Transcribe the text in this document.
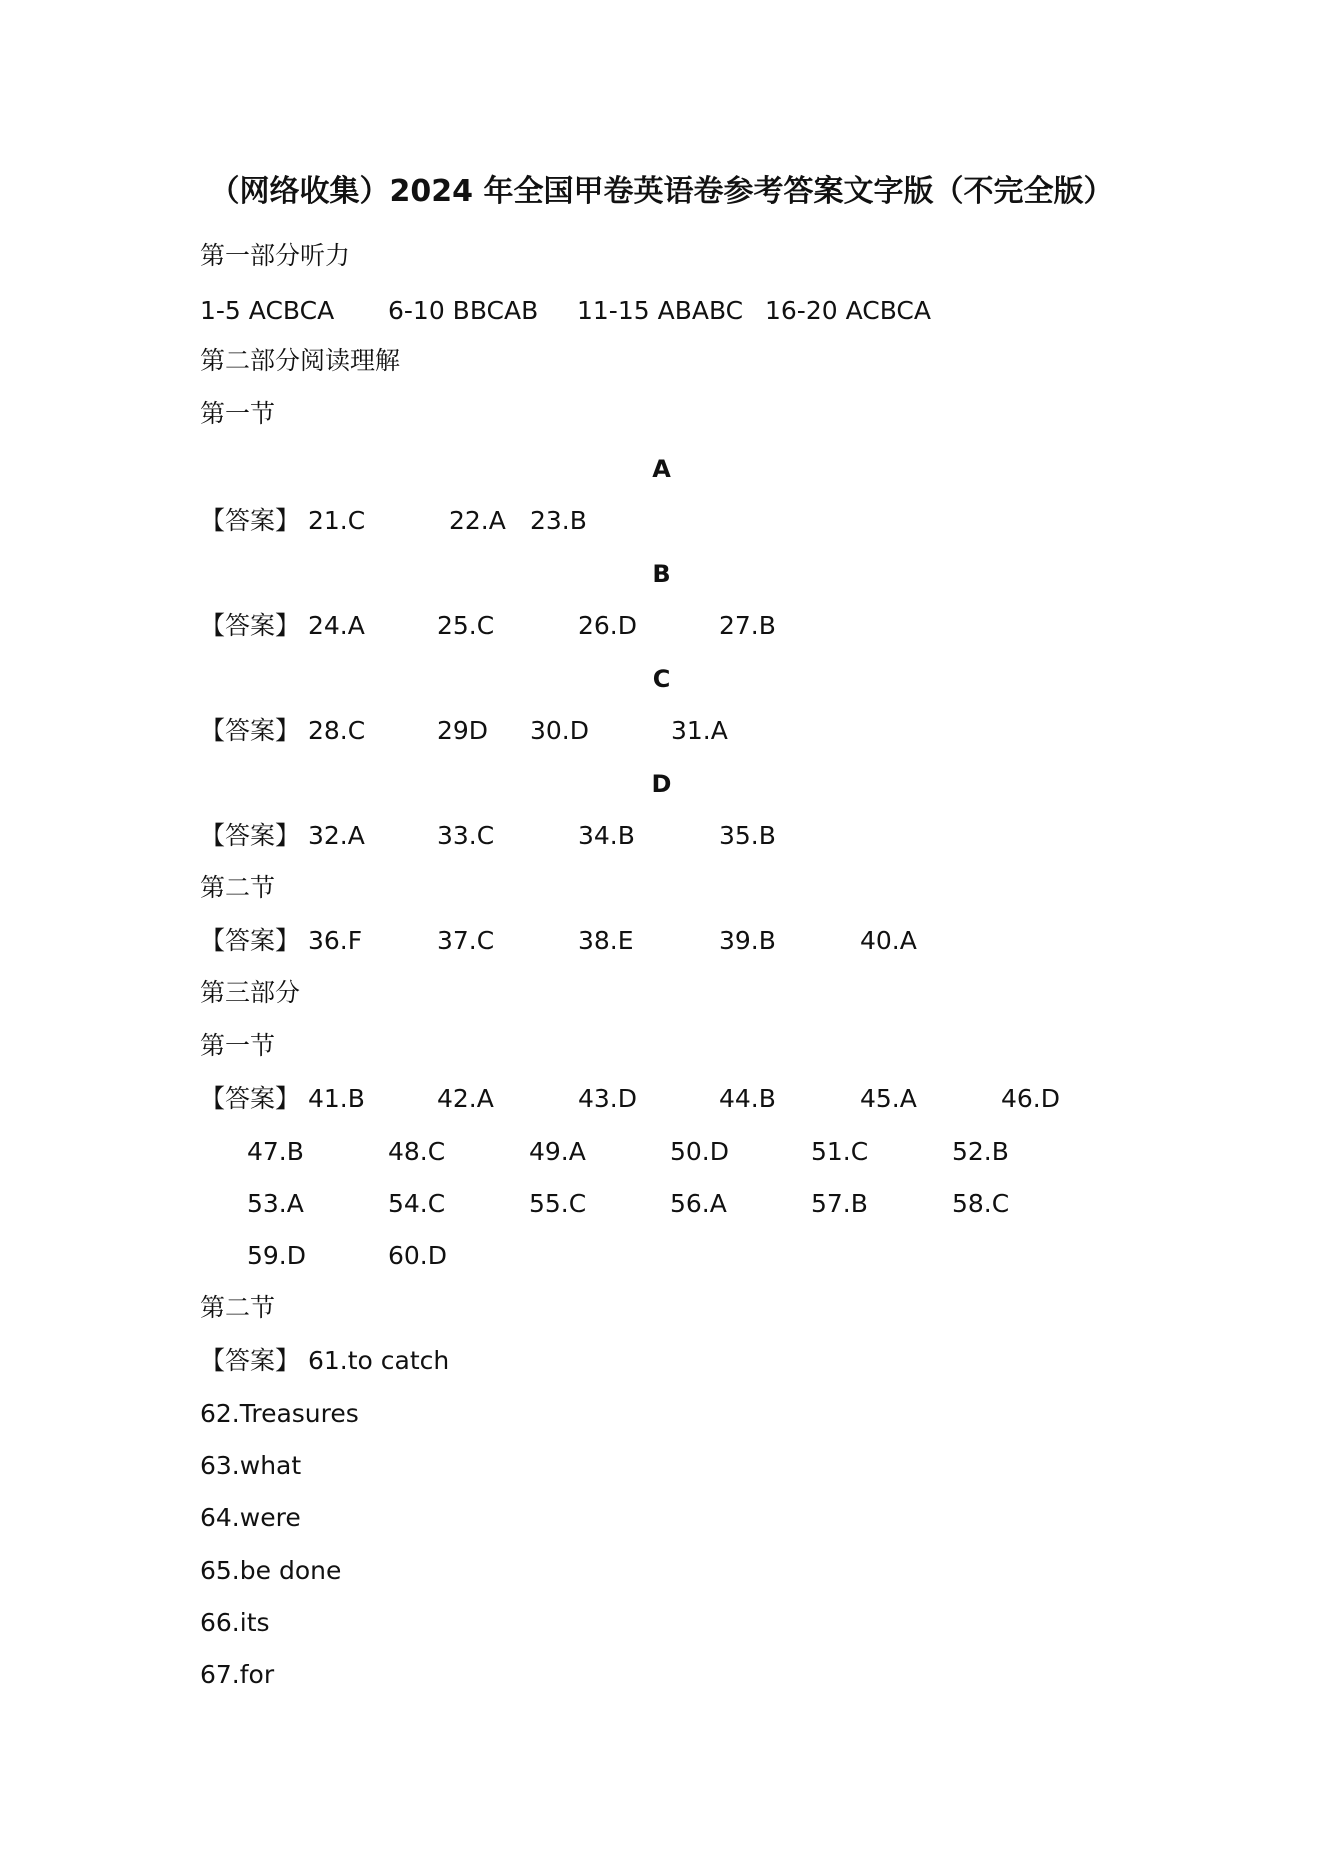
（网络收集）2024 年全国甲卷英语卷参考答案文字版（不完全版）
第一部分听力
1-5 ACBCA 6-10 BBCAB 11-15 ABABC 16-20 ACBCA
第二部分阅读理解
第一节
A
【答案】 21.C	22.A 23.B
B
【答案】 24.A	25.C	26.D	27.B
C
【答案】 28.C	29D 30.D	31.A
D
【答案】 32.A	33.C	34.B	35.B
第二节
【答案】 36.F	37.C	38.E	39.B	40.A
第三部分
第一节
【答案】 41.B	42.A	43.D	44.B	45.A	46.D
47.B	48.C	49.A	50.D	51.C	52.B
53.A	54.C	55.C	56.A	57.B	58.C
59.D	60.D
第二节
【答案】 61.to catch
62.Treasures
63.what
64.were
65.be done
66.its
67.for
